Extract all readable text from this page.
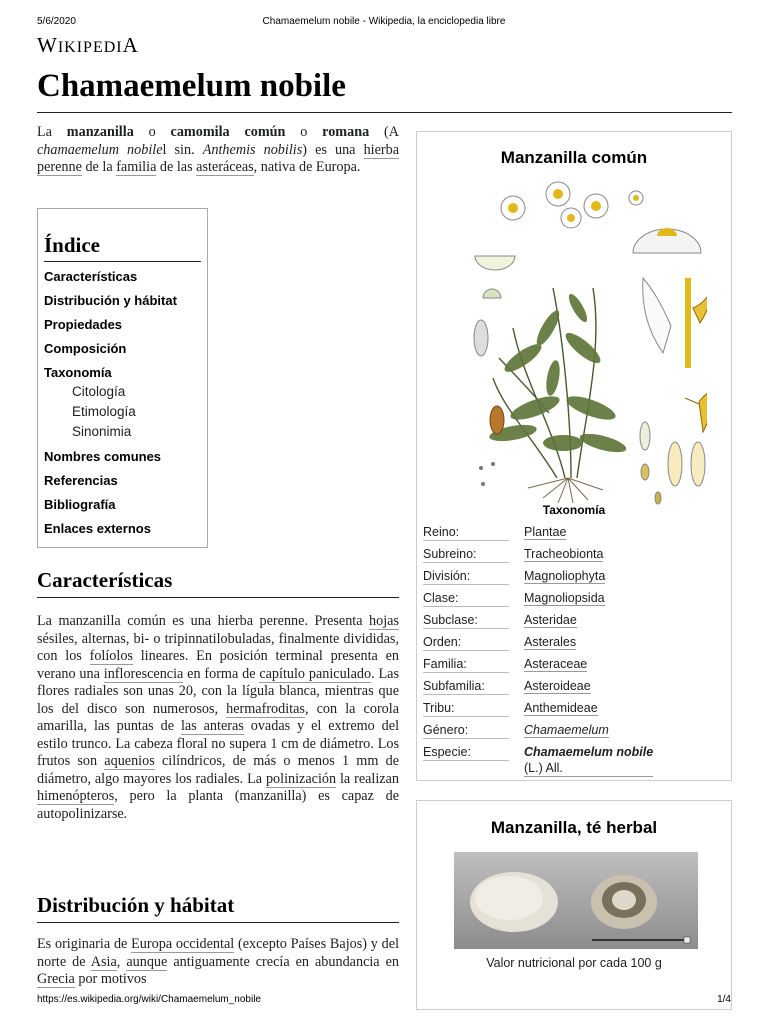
5/6/2020	Chamaemelum nobile - Wikipedia, la enciclopedia libre
WIKIPEDIA
Chamaemelum nobile
La manzanilla o camomila común o romana (A chamaemelum nobilel sin. Anthemis nobilis) es una hierba perenne de la familia de las asteráceas, nativa de Europa.
Índice
Características
Distribución y hábitat
Propiedades
Composición
Taxonomía
Citología
Etimología
Sinonimia
Nombres comunes
Referencias
Bibliografía
Enlaces externos
Características
La manzanilla común es una hierba perenne. Presenta hojas sésiles, alternas, bi- o tripinnatilobuladas, finalmente divididas, con los folíolos lineares. En posición terminal presenta en verano una inflorescencia en forma de capítulo paniculado. Las flores radiales son unas 20, con la lígula blanca, mientras que los del disco son numerosos, hermafroditas, con la corola amarilla, las puntas de las anteras ovadas y el extremo del estilo trunco. La cabeza floral no supera 1 cm de diámetro. Los frutos son aquenios cilíndricos, de más o menos 1 mm de diámetro, algo mayores los radiales. La polinización la realizan himenópteros, pero la planta (manzanilla) es capaz de autopolinizarse.
Distribución y hábitat
Es originaria de Europa occidental (excepto Países Bajos) y del norte de Asia, aunque antiguamente crecía en abundancia en Grecia por motivos
Manzanilla común
Taxonomía
Reino:	Plantae
Subreino:	Tracheobionta
División:	Magnoliophyta
Clase:	Magnoliopsida
Subclase:	Asteridae
Orden:	Asterales
Familia:	Asteraceae
Subfamilia:	Asteroideae
Tribu:	Anthemideae
Género:	Chamaemelum
Especie:	Chamaemelum nobile
(L.) All.
Manzanilla, té herbal
Valor nutricional por cada 100 g
https://es.wikipedia.org/wiki/Chamaemelum_nobile	1/4
